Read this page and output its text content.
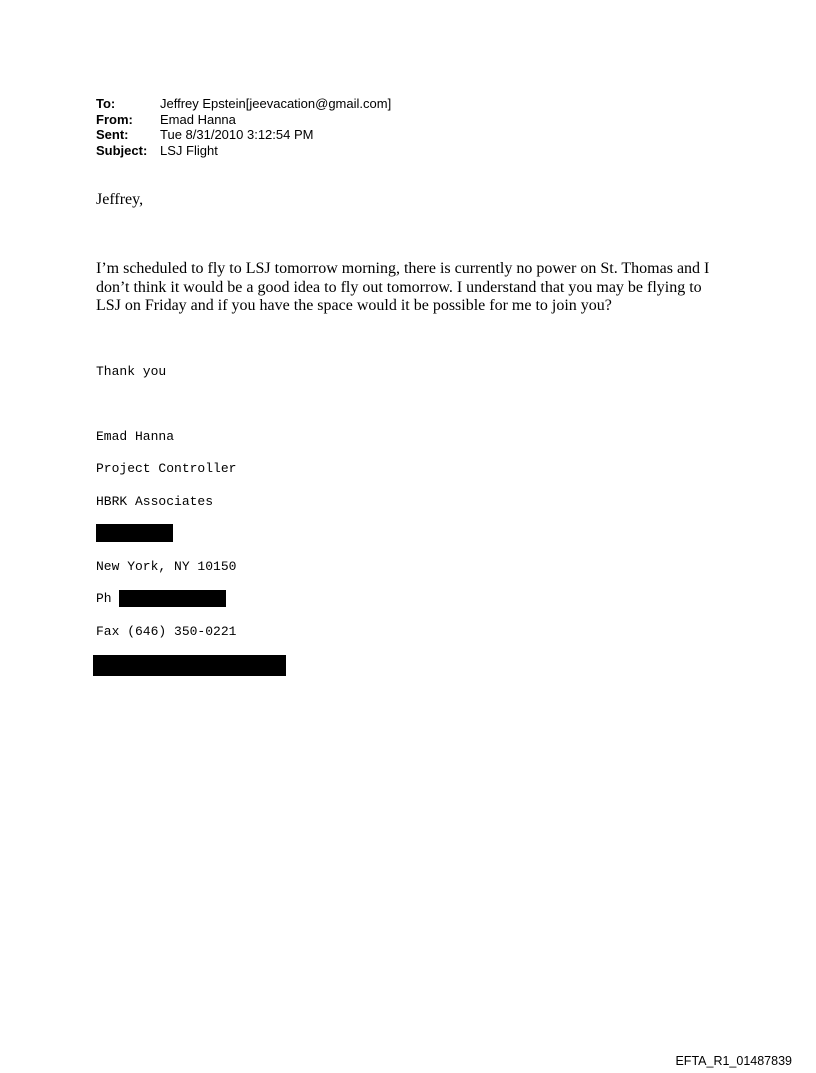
To:	Jeffrey Epstein[jeevacation@gmail.com]
From:	Emad Hanna
Sent:	Tue 8/31/2010 3:12:54 PM
Subject: LSJ Flight
Jeffrey,
I’m scheduled to fly to LSJ tomorrow morning, there is currently no power on St. Thomas and I
don’t think it would be a good idea to fly out tomorrow. I understand that you may be flying to
LSJ on Friday and if you have the space would it be possible for me to join you?
Thank you
Emad Hanna
Project Controller
HBRK Associates
New York, NY 10150
Ph
Fax (646) 350-0221
EFTA_R1_01487839
